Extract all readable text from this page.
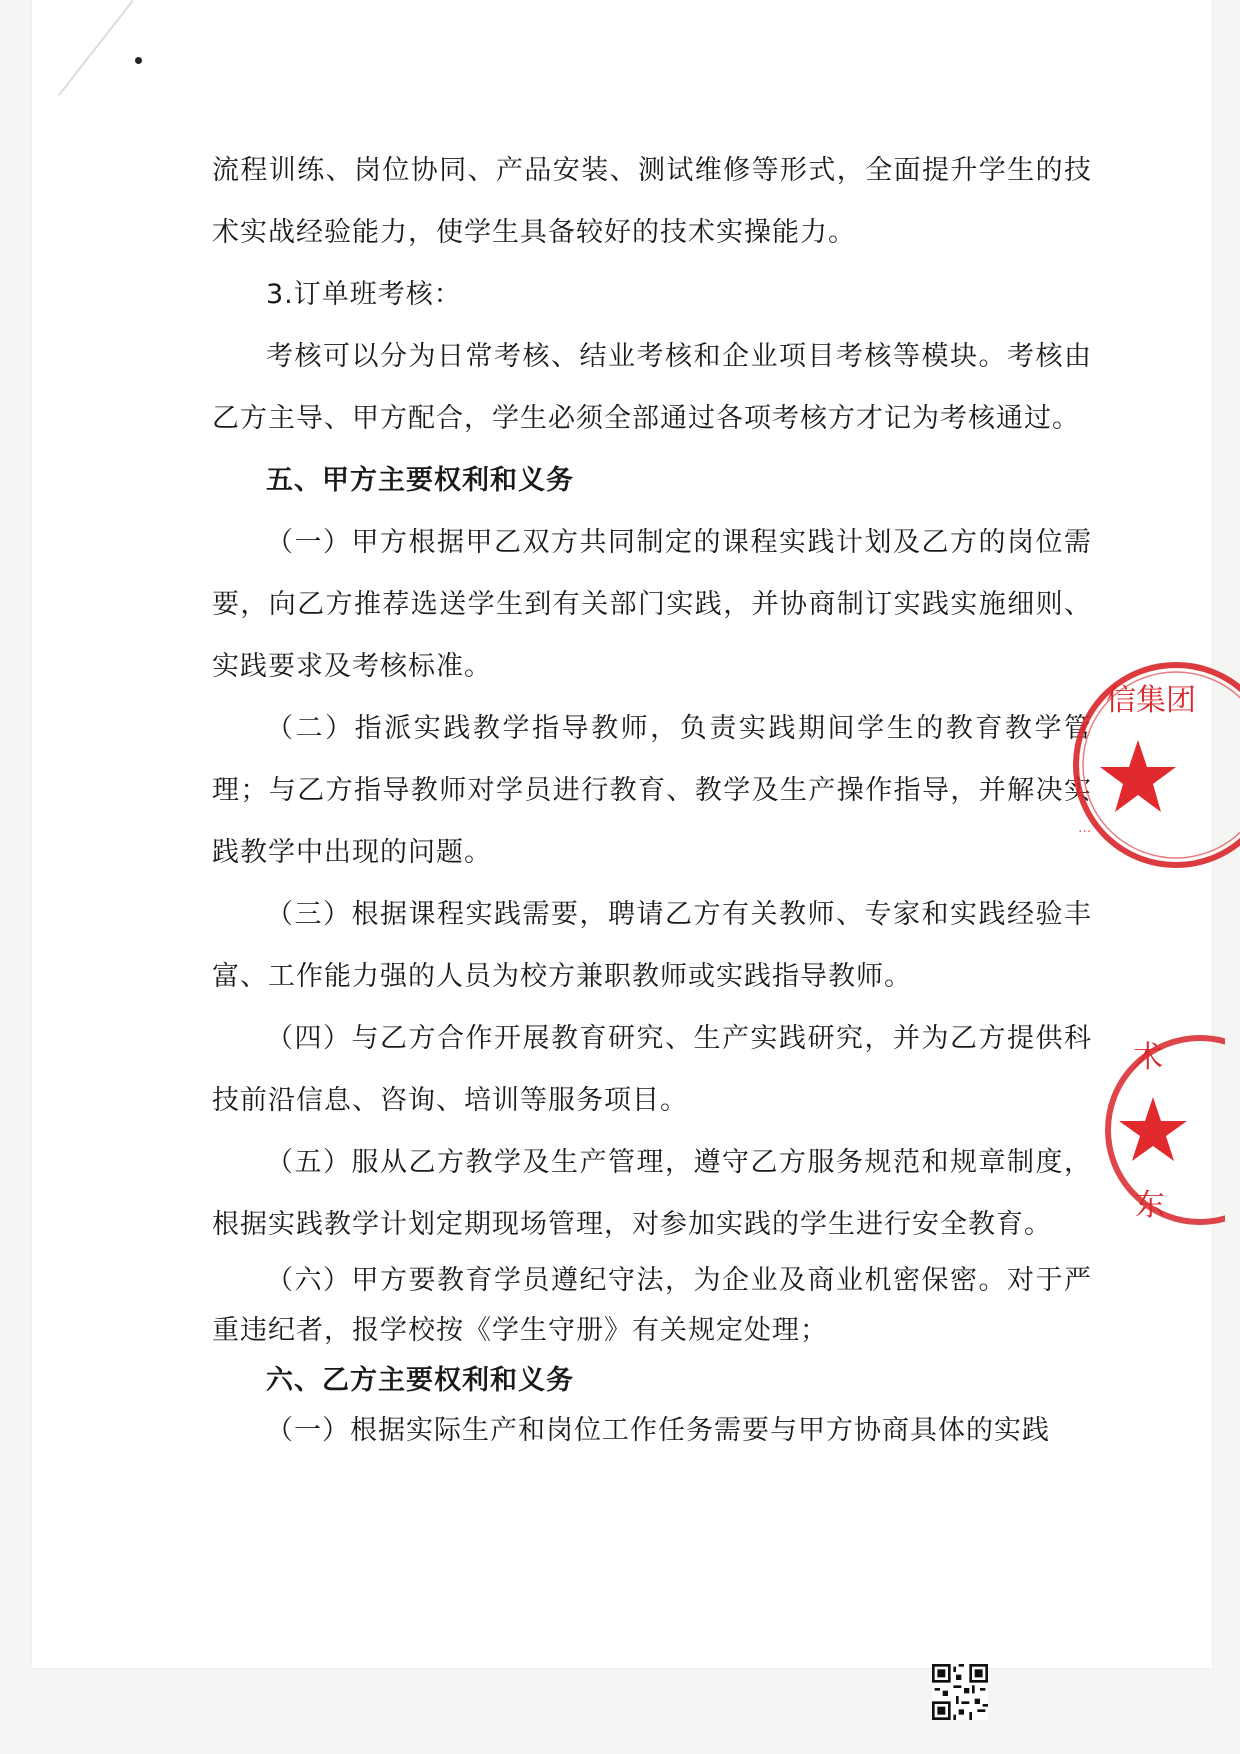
流程训练、岗位协同、产品安装、测试维修等形式，全面提升学生的技术实战经验能力，使学生具备较好的技术实操能力。

3.订单班考核：

考核可以分为日常考核、结业考核和企业项目考核等模块。考核由乙方主导、甲方配合，学生必须全部通过各项考核方才记为考核通过。

五、甲方主要权利和义务

（一）甲方根据甲乙双方共同制定的课程实践计划及乙方的岗位需要，向乙方推荐选送学生到有关部门实践，并协商制订实践实施细则、实践要求及考核标准。

（二）指派实践教学指导教师，负责实践期间学生的教育教学管理；与乙方指导教师对学员进行教育、教学及生产操作指导，并解决实践教学中出现的问题。

（三）根据课程实践需要，聘请乙方有关教师、专家和实践经验丰富、工作能力强的人员为校方兼职教师或实践指导教师。

（四）与乙方合作开展教育研究、生产实践研究，并为乙方提供科技前沿信息、咨询、培训等服务项目。

（五）服从乙方教学及生产管理，遵守乙方服务规范和规章制度，根据实践教学计划定期现场管理，对参加实践的学生进行安全教育。

（六）甲方要教育学员遵纪守法，为企业及商业机密保密。对于严重违纪者，报学校按《学生守册》有关规定处理；

六、乙方主要权利和义务

（一）根据实际生产和岗位工作任务需要与甲方协商具体的实践

信集团
···
术
东
